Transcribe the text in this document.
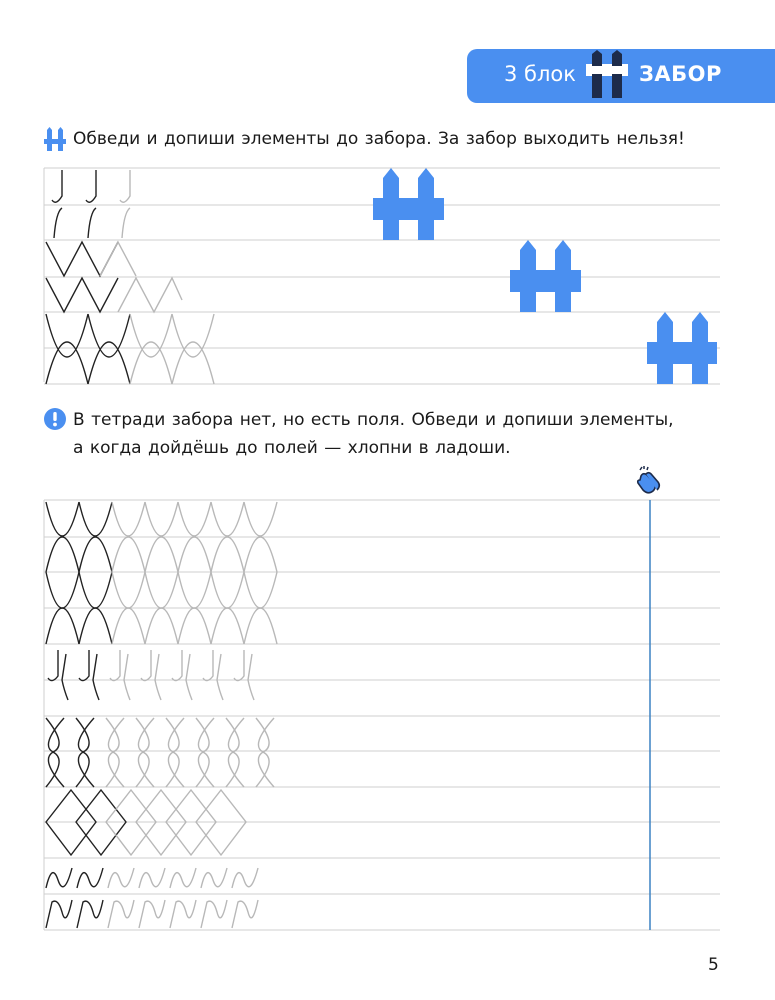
3 блок	ЗАБОР
Обведи и допиши элементы до забора. За забор выходить нельзя!
В тетради забора нет, но есть поля. Обведи и допиши элементы,
а когда дойдёшь до полей — хлопни в ладоши.
5
